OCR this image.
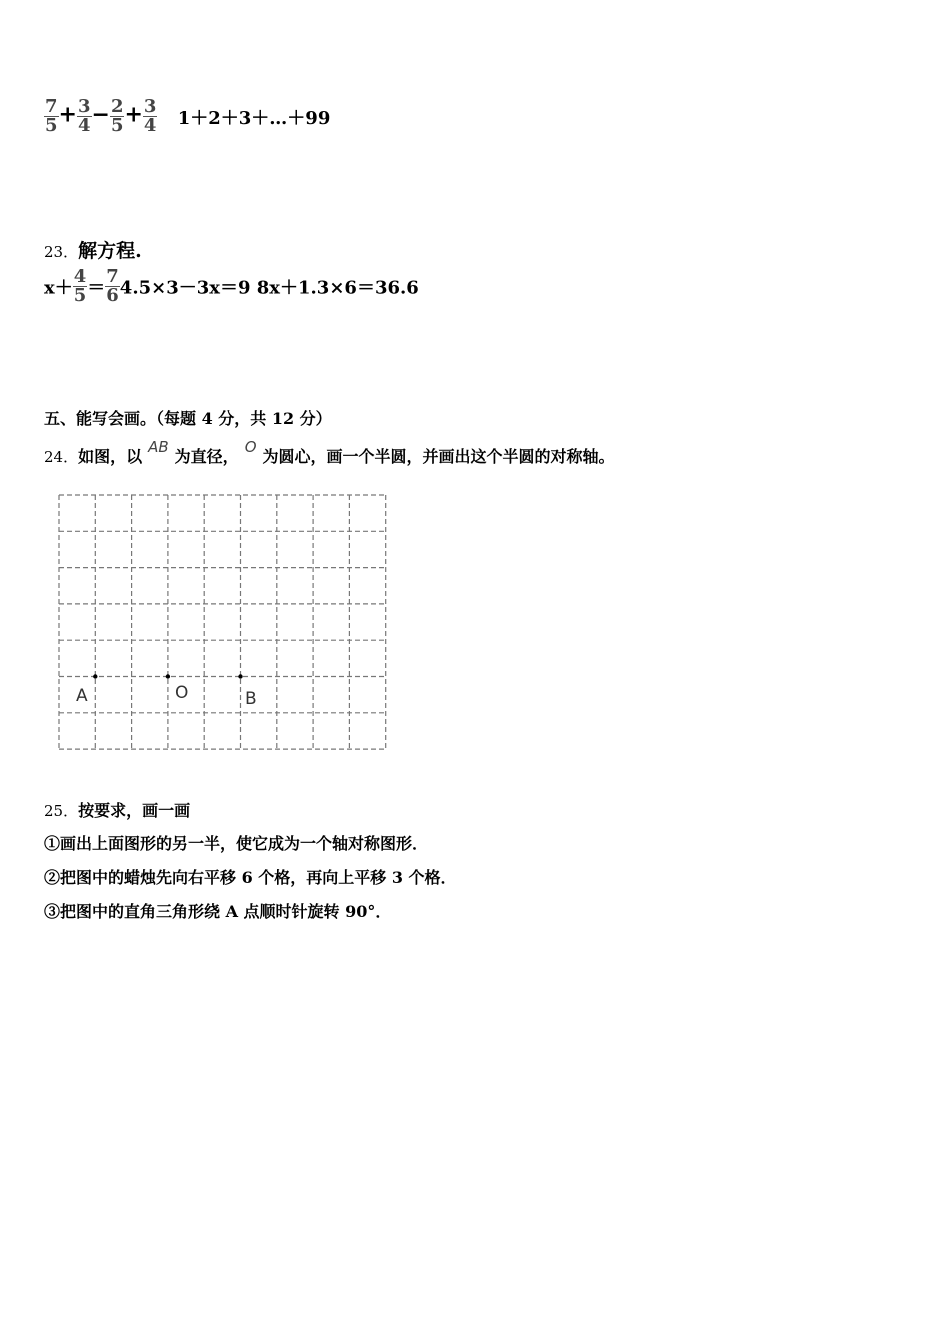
$\frac{7}{5} + \frac{3}{4} - \frac{2}{5} + \frac{3}{4}$ 1＋2＋3＋…＋99
23．解方程.
$x+ \frac{4}{5} = \frac{7}{6} 4.5\times 3-3x=9$ 8x＋1.3×6＝36.6
五、能写会画。（每题 4 分，共 12 分）
24．如图，以 AB 为直径， O 为圆心，画一个半圆，并画出这个半圆的对称轴。
A	O	B
25．按要求，画一画
①画出上面图形的另一半，使它成为一个轴对称图形．
②把图中的蜡烛先向右平移 6 个格，再向上平移 3 个格．
③把图中的直角三角形绕 A 点顺时针旋转 90°．
